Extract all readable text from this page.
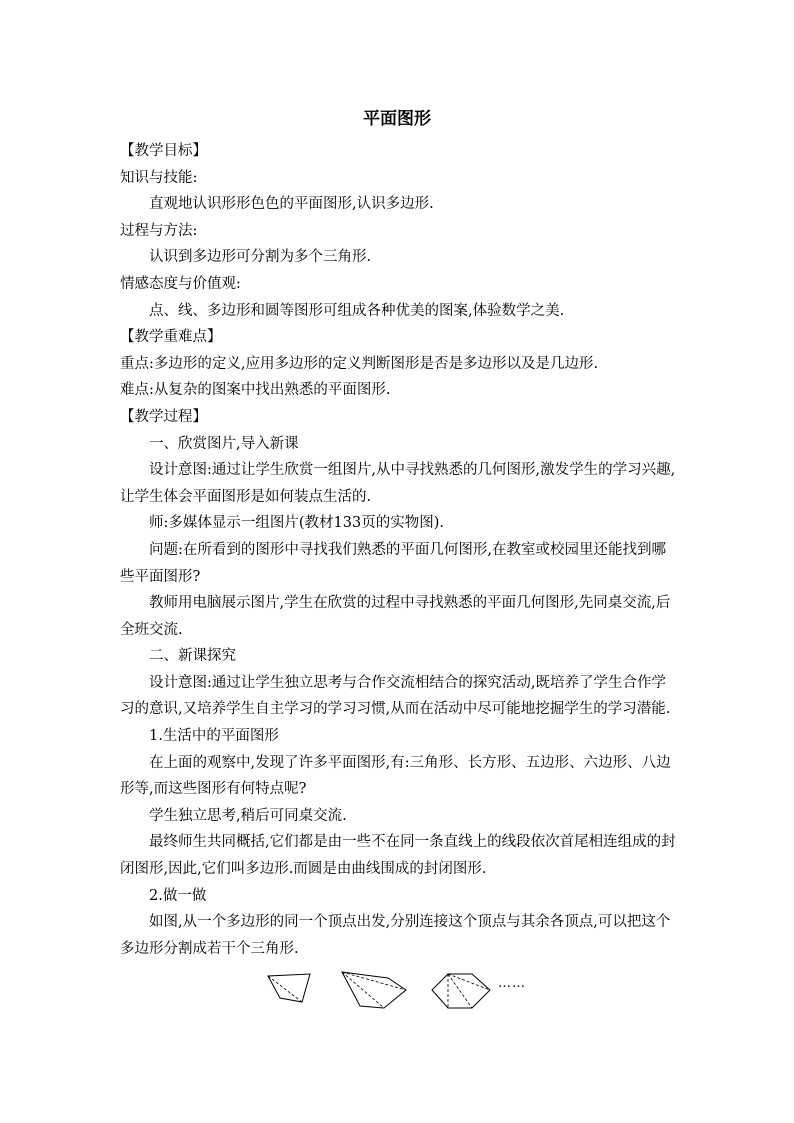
平面图形

【教学目标】

知识与技能:

直观地认识形形色色的平面图形,认识多边形.

过程与方法:

认识到多边形可分割为多个三角形.

情感态度与价值观:

点、线、多边形和圆等图形可组成各种优美的图案,体验数学之美.

【教学重难点】

重点:多边形的定义,应用多边形的定义判断图形是否是多边形以及是几边形.

难点:从复杂的图案中找出熟悉的平面图形.

【教学过程】

一、欣赏图片,导入新课

设计意图:通过让学生欣赏一组图片,从中寻找熟悉的几何图形,激发学生的学习兴趣,让学生体会平面图形是如何装点生活的.

师:多媒体显示一组图片(教材133页的实物图).

问题:在所看到的图形中寻找我们熟悉的平面几何图形,在教室或校园里还能找到哪些平面图形?

教师用电脑展示图片,学生在欣赏的过程中寻找熟悉的平面几何图形,先同桌交流,后全班交流.

二、新课探究

设计意图:通过让学生独立思考与合作交流相结合的探究活动,既培养了学生合作学习的意识,又培养学生自主学习的学习习惯,从而在活动中尽可能地挖掘学生的学习潜能.

1.生活中的平面图形

在上面的观察中,发现了许多平面图形,有:三角形、长方形、五边形、六边形、八边形等,而这些图形有何特点呢?

学生独立思考,稍后可同桌交流.

最终师生共同概括,它们都是由一些不在同一条直线上的线段依次首尾相连组成的封闭图形,因此,它们叫多边形.而圆是由曲线围成的封闭图形.

2.做一做

如图,从一个多边形的同一个顶点出发,分别连接这个顶点与其余各顶点,可以把这个多边形分割成若干个三角形.

……
